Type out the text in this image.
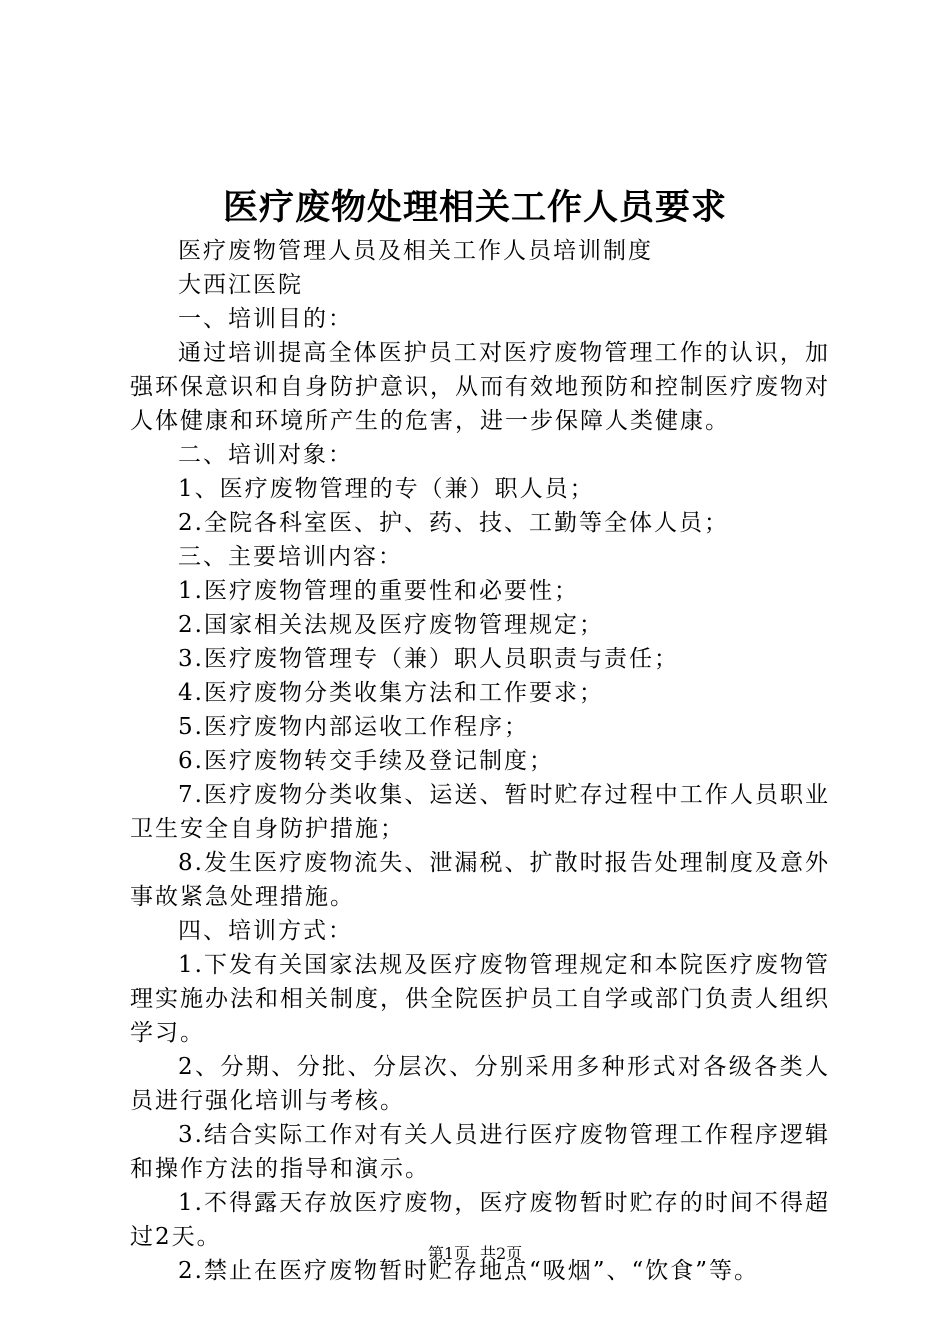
医疗废物处理相关工作人员要求

医疗废物管理人员及相关工作人员培训制度

大西江医院

一、培训目的：

通过培训提高全体医护员工对医疗废物管理工作的认识，加强环保意识和自身防护意识，从而有效地预防和控制医疗废物对人体健康和环境所产生的危害，进一步保障人类健康。

二、培训对象：

1、医疗废物管理的专（兼）职人员；

2.全院各科室医、护、药、技、工勤等全体人员；

三、主要培训内容：

1.医疗废物管理的重要性和必要性；

2.国家相关法规及医疗废物管理规定；

3.医疗废物管理专（兼）职人员职责与责任；

4.医疗废物分类收集方法和工作要求；

5.医疗废物内部运收工作程序；

6.医疗废物转交手续及登记制度；

7.医疗废物分类收集、运送、暂时贮存过程中工作人员职业卫生安全自身防护措施；

8.发生医疗废物流失、泄漏税、扩散时报告处理制度及意外事故紧急处理措施。

四、培训方式：

1.下发有关国家法规及医疗废物管理规定和本院医疗废物管理实施办法和相关制度，供全院医护员工自学或部门负责人组织学习。

2、分期、分批、分层次、分别采用多种形式对各级各类人员进行强化培训与考核。

3.结合实际工作对有关人员进行医疗废物管理工作程序逻辑和操作方法的指导和演示。

1.不得露天存放医疗废物，医疗废物暂时贮存的时间不得超过2天。

2.禁止在医疗废物暂时贮存地点“吸烟”、“饮食”等。

第1页 共2页
